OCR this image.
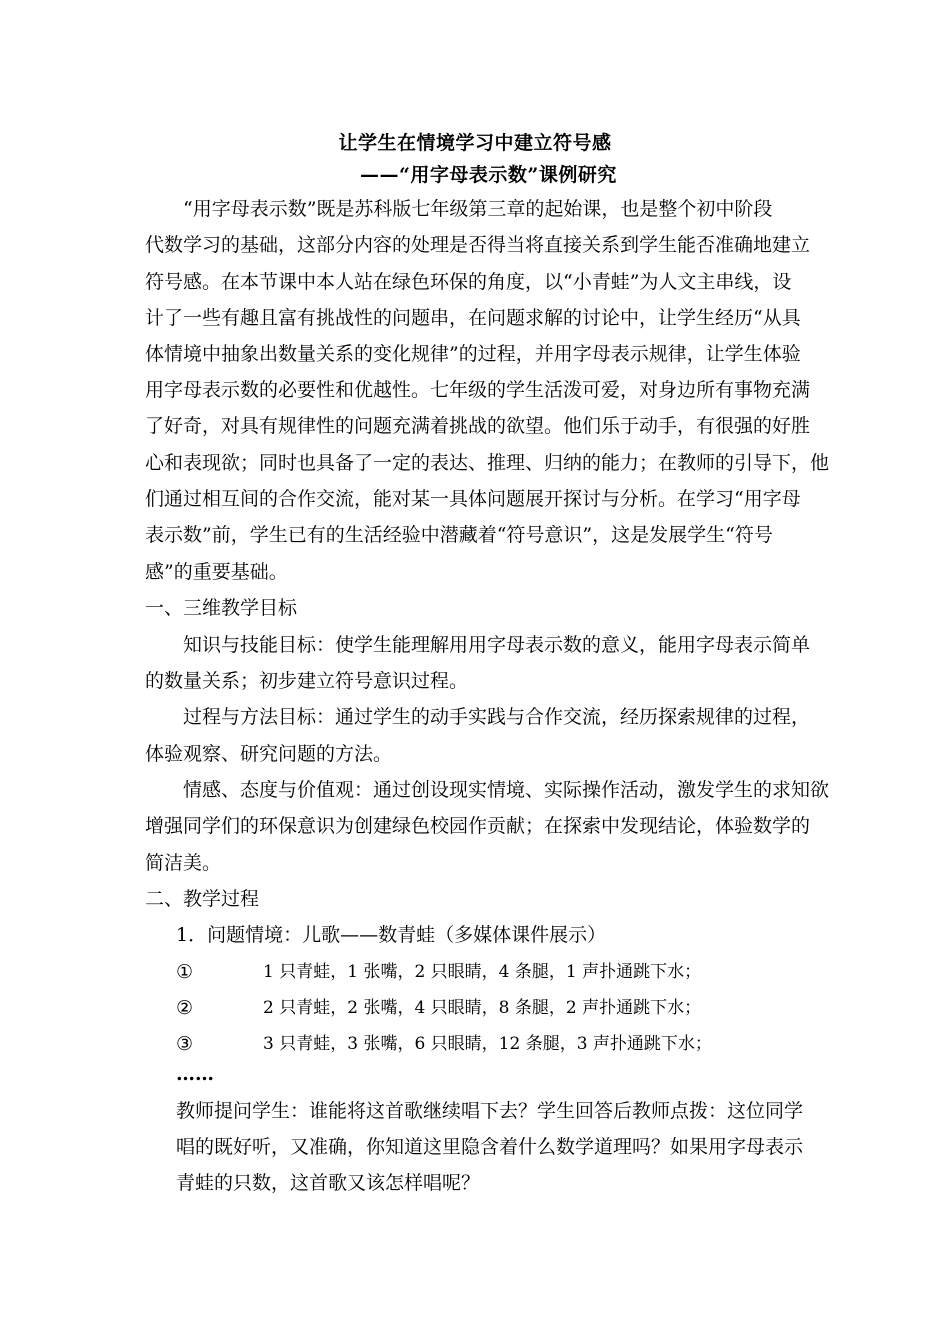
让学生在情境学习中建立符号感
——“用字母表示数”课例研究
“用字母表示数”既是苏科版七年级第三章的起始课，也是整个初中阶段
代数学习的基础，这部分内容的处理是否得当将直接关系到学生能否准确地建立
符号感。在本节课中本人站在绿色环保的角度，以“小青蛙”为人文主串线，设
计了一些有趣且富有挑战性的问题串，在问题求解的讨论中，让学生经历“从具
体情境中抽象出数量关系的变化规律”的过程，并用字母表示规律，让学生体验
用字母表示数的必要性和优越性。七年级的学生活泼可爱，对身边所有事物充满
了好奇，对具有规律性的问题充满着挑战的欲望。他们乐于动手，有很强的好胜
心和表现欲；同时也具备了一定的表达、推理、归纳的能力；在教师的引导下，他
们通过相互间的合作交流，能对某一具体问题展开探讨与分析。在学习“用字母
表示数”前，学生已有的生活经验中潜藏着“符号意识”，这是发展学生“符号
感”的重要基础。
一、三维教学目标
知识与技能目标：使学生能理解用用字母表示数的意义，能用字母表示简单
的数量关系；初步建立符号意识过程。
过程与方法目标：通过学生的动手实践与合作交流，经历探索规律的过程，
体验观察、研究问题的方法。
情感、态度与价值观：通过创设现实情境、实际操作活动，激发学生的求知欲
增强同学们的环保意识为创建绿色校园作贡献；在探索中发现结论，体验数学的
简洁美。
二、教学过程
1．问题情境：儿歌——数青蛙（多媒体课件展示）
①	1 只青蛙，1 张嘴，2 只眼睛，4 条腿，1 声扑通跳下水；
②	2 只青蛙，2 张嘴，4 只眼睛，8 条腿，2 声扑通跳下水；
③	3 只青蛙，3 张嘴，6 只眼睛，12 条腿，3 声扑通跳下水；
……
教师提问学生：谁能将这首歌继续唱下去？学生回答后教师点拨：这位同学
唱的既好听，又准确，你知道这里隐含着什么数学道理吗？如果用字母表示
青蛙的只数，这首歌又该怎样唱呢？
